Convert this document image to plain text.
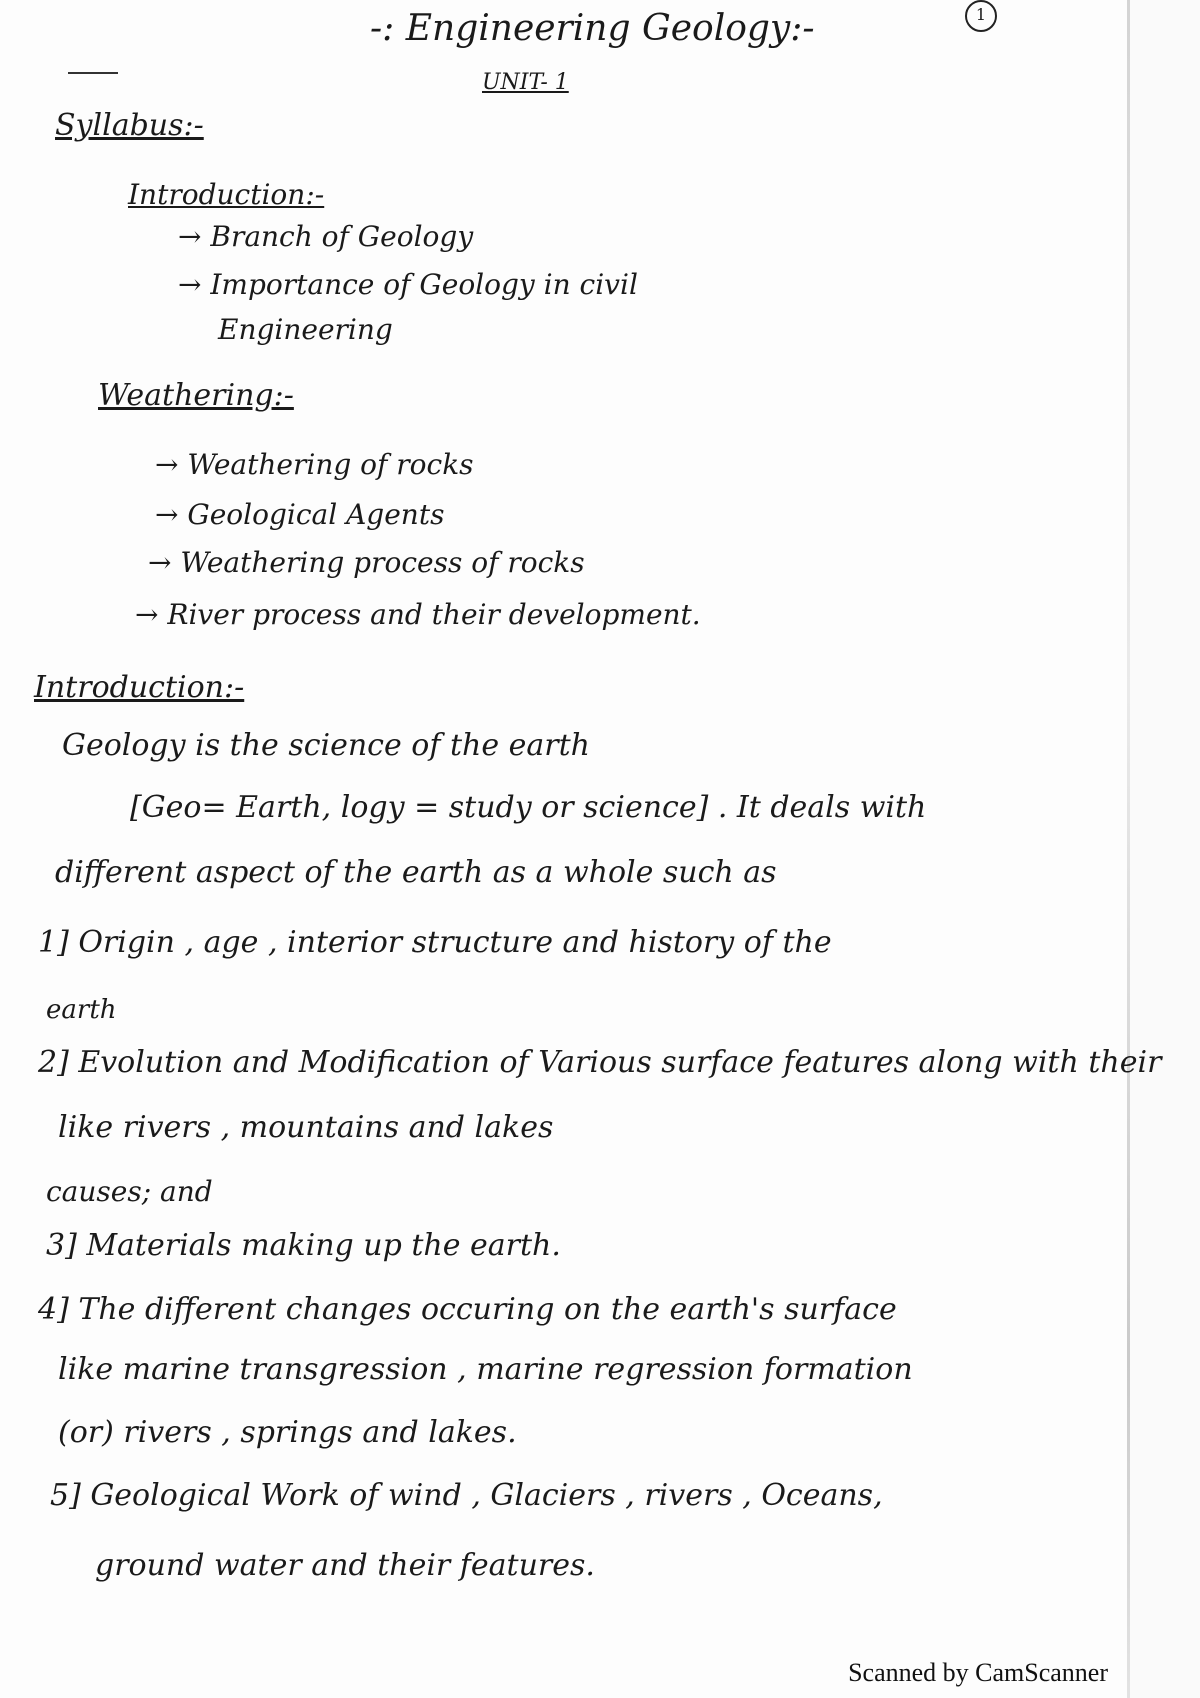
1
-: Engineering Geology:-
UNIT- 1
Syllabus:-
Introduction:-
→ Branch of Geology
→ Importance of Geology in civil
Engineering
Weathering:-
→ Weathering of rocks
→ Geological Agents
→ Weathering process of rocks
→ River process and their development.
Introduction:-
Geology is the science of the earth
[Geo= Earth, logy = study or science] . It deals with
different aspect of the earth as a whole such as
1] Origin , age , interior structure and history of the
earth
2] Evolution and Modification of Various surface features along with their
like rivers , mountains and lakes
causes; and
3] Materials making up the earth.
4] The different changes occuring on the earth's surface
like marine transgression , marine regression formation
(or) rivers , springs and lakes.
5] Geological Work of wind , Glaciers , rivers , Oceans,
ground water and their features.
Scanned by CamScanner
